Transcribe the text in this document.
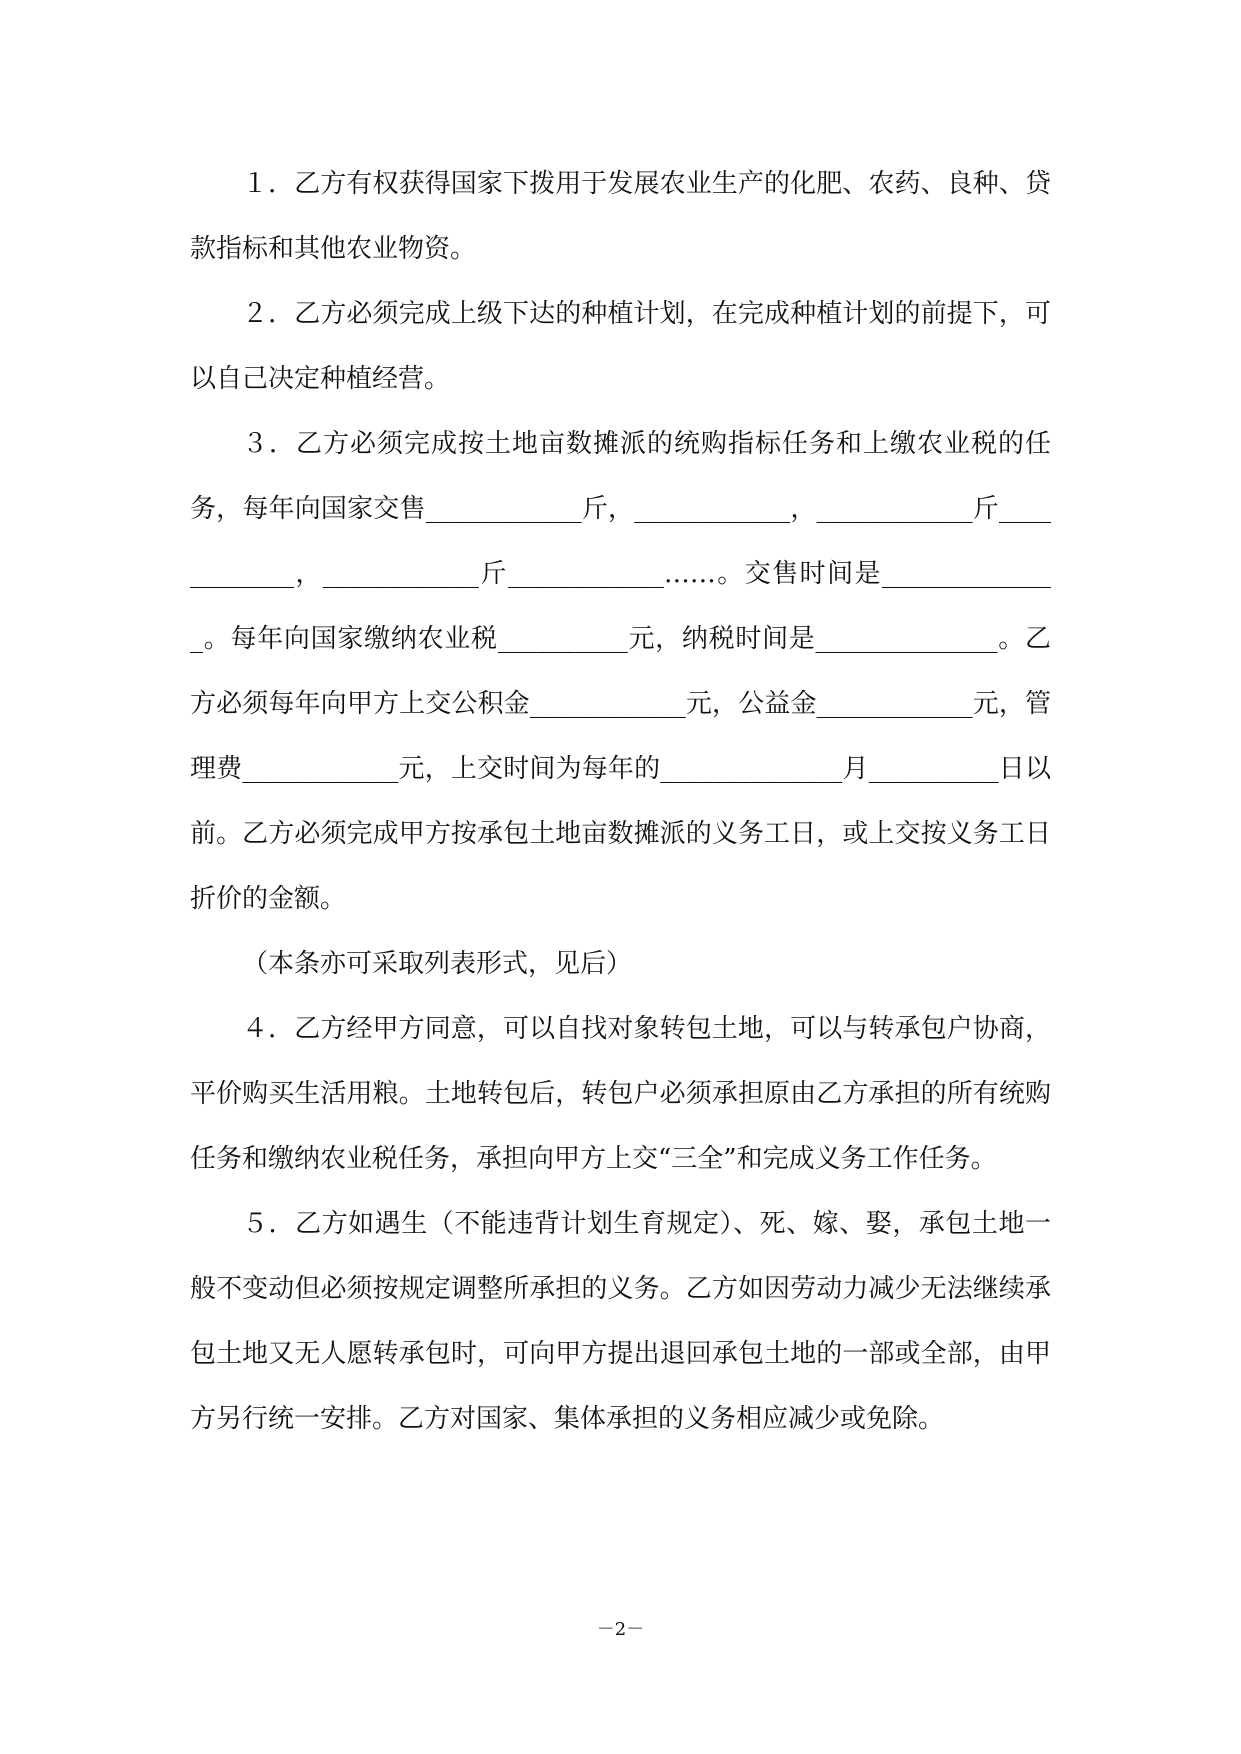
１．乙方有权获得国家下拨用于发展农业生产的化肥、农药、良种、贷款指标和其他农业物资。

２．乙方必须完成上级下达的种植计划，在完成种植计划的前提下，可以自己决定种植经营。

３．乙方必须完成按土地亩数摊派的统购指标任务和上缴农业税的任务，每年向国家交售____________斤，____________，____________斤____________，____________斤____________……。交售时间是______________。每年向国家缴纳农业税__________元，纳税时间是______________。乙方必须每年向甲方上交公积金____________元，公益金____________元，管理费____________元，上交时间为每年的______________月__________日以前。乙方必须完成甲方按承包土地亩数摊派的义务工日，或上交按义务工日折价的金额。

（本条亦可采取列表形式，见后）

４．乙方经甲方同意，可以自找对象转包土地，可以与转承包户协商，平价购买生活用粮。土地转包后，转包户必须承担原由乙方承担的所有统购任务和缴纳农业税任务，承担向甲方上交“三全”和完成义务工作任务。

５．乙方如遇生（不能违背计划生育规定）、死、嫁、娶，承包土地一般不变动但必须按规定调整所承担的义务。乙方如因劳动力减少无法继续承包土地又无人愿转承包时，可向甲方提出退回承包土地的一部或全部，由甲方另行统一安排。乙方对国家、集体承担的义务相应减少或免除。

－2－
